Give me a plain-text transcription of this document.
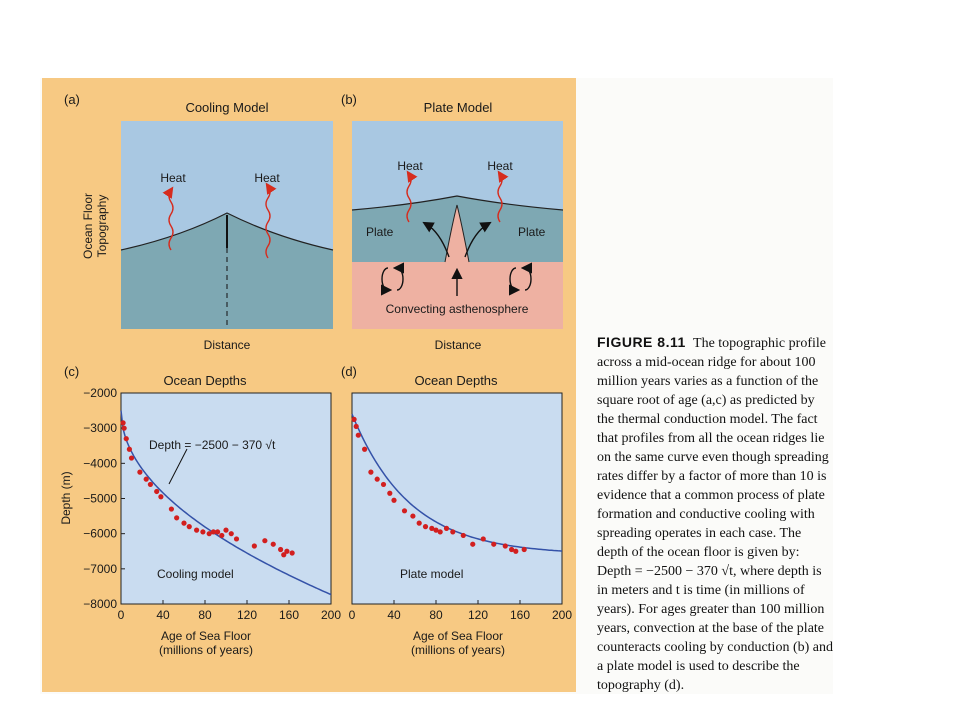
(a)
Cooling Model
Heat	Heat
Ocean Floor Topography
Distance
(b)
Plate Model
Heat	Heat
Plate	Plate
Convecting asthenosphere
Distance
(c)
Ocean Depths
−2000
−3000
−4000
−5000
−6000
−7000
−8000
0	40 80 120 160 200
Depth = −2500 − 370 √t
Cooling model
Depth (m)
Age of Sea Floor
(millions of years)
(d)
Ocean Depths
0	40 80 120 160 200
Plate model
Age of Sea Floor
(millions of years)
FIGURE 8.11 The topographic profile across a mid-ocean ridge for about 100 million years varies as a function of the square root of age (a,c) as predicted by the thermal conduction model. The fact that profiles from all the ocean ridges lie on the same curve even though spreading rates differ by a factor of more than 10 is evidence that a common process of plate formation and conductive cooling with spreading operates in each case. The depth of the ocean floor is given by: Depth = −2500 − 370 √t, where depth is in meters and t is time (in millions of years). For ages greater than 100 million years, convection at the base of the plate counteracts cooling by conduction (b) and a plate model is used to describe the topography (d).
